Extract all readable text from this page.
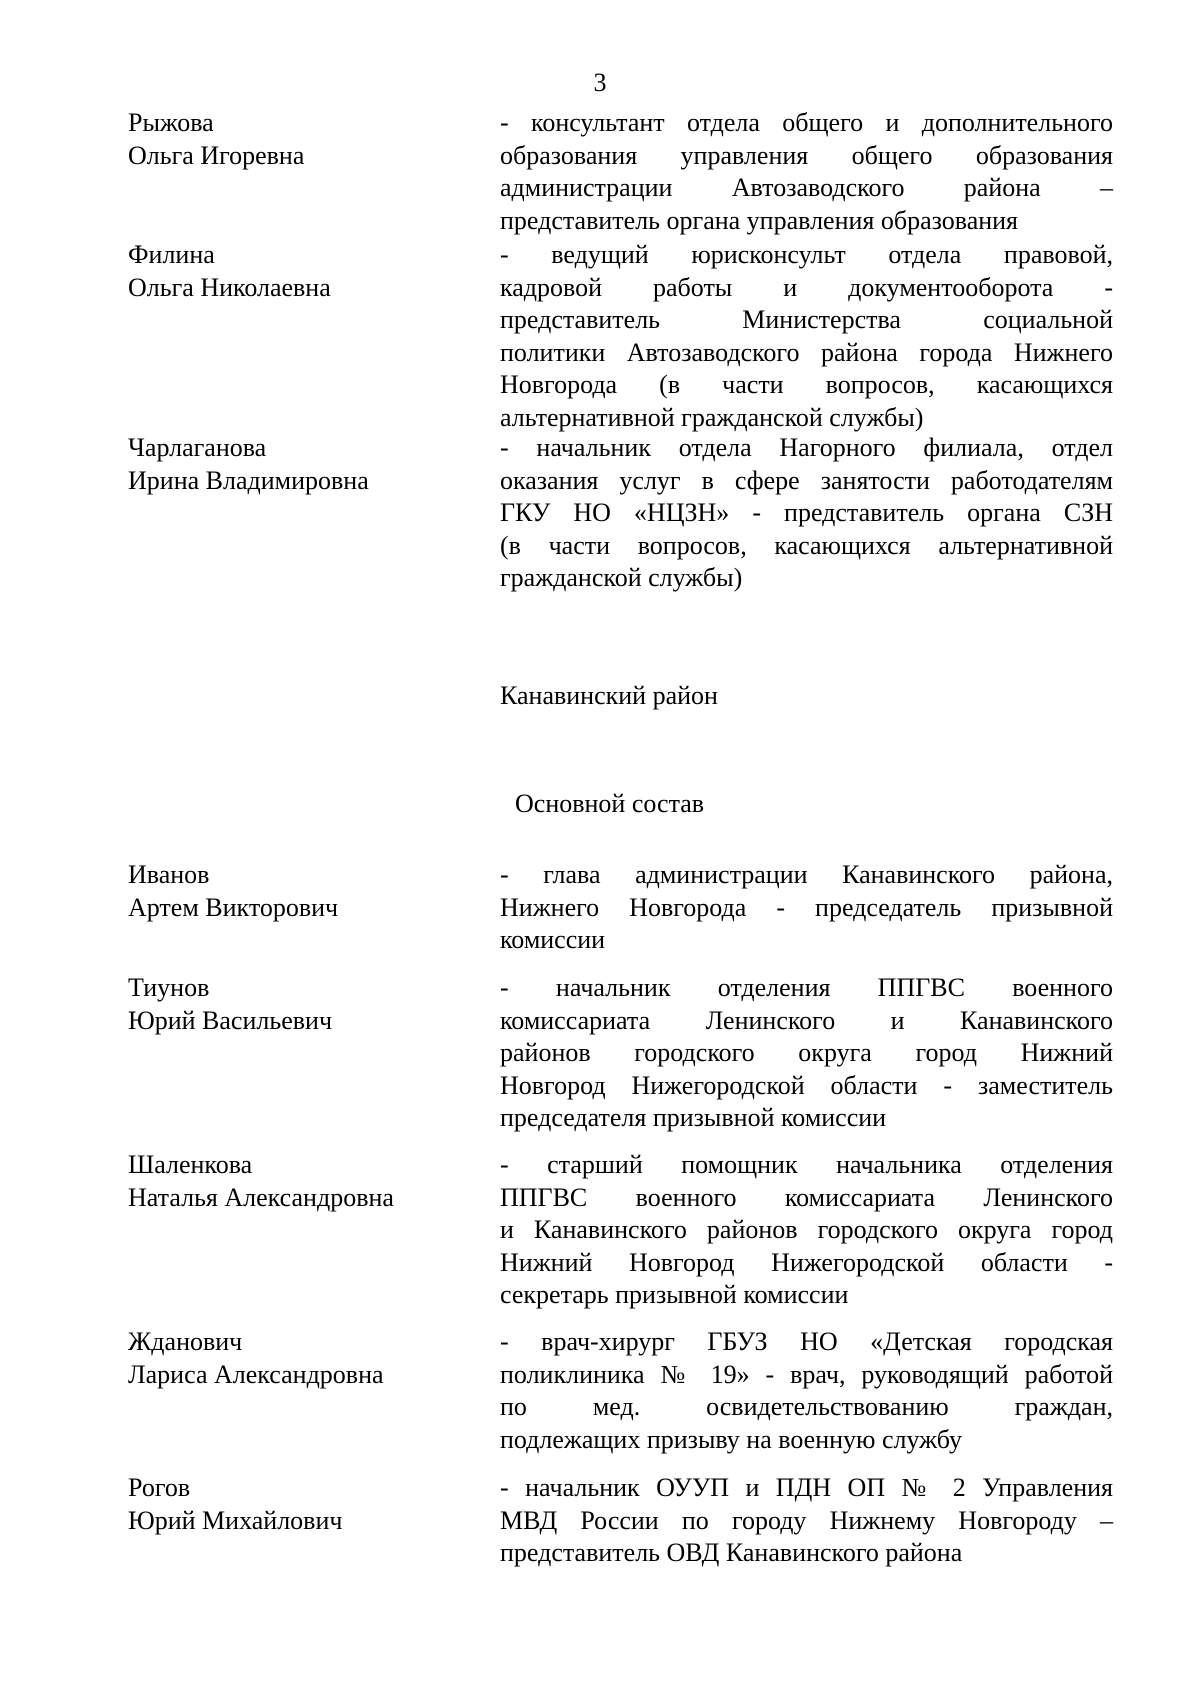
3
Рыжова
Ольга Игоревна
- консультант отдела общего и дополнительного
образования управления общего образования
администрации Автозаводского района –
представитель органа управления образования
Филина
Ольга Николаевна
- ведущий юрисконсульт отдела правовой,
кадровой работы и документооборота -
представитель Министерства социальной
политики Автозаводского района города Нижнего
Новгорода (в части вопросов, касающихся
альтернативной гражданской службы)
Чарлаганова
Ирина Владимировна
- начальник отдела Нагорного филиала, отдел
оказания услуг в сфере занятости работодателям
ГКУ НО «НЦЗН» - представитель органа СЗН
(в части вопросов, касающихся альтернативной
гражданской службы)
Канавинский район
Основной состав
Иванов
Артем Викторович
- глава администрации Канавинского района,
Нижнего Новгорода - председатель призывной
комиссии
Тиунов
Юрий Васильевич
- начальник отделения ППГВС военного
комиссариата Ленинского и Канавинского
районов городского округа город Нижний
Новгород Нижегородской области - заместитель
председателя призывной комиссии
Шаленкова
Наталья Александровна
- старший помощник начальника отделения
ППГВС военного комиссариата Ленинского
и Канавинского районов городского округа город
Нижний Новгород Нижегородской области -
секретарь призывной комиссии
Жданович
Лариса Александровна
- врач-хирург ГБУЗ НО «Детская городская
поликлиника № 19» - врач, руководящий работой
по мед. освидетельствованию граждан,
подлежащих призыву на военную службу
Рогов
Юрий Михайлович
- начальник ОУУП и ПДН ОП № 2 Управления
МВД России по городу Нижнему Новгороду –
представитель ОВД Канавинского района
